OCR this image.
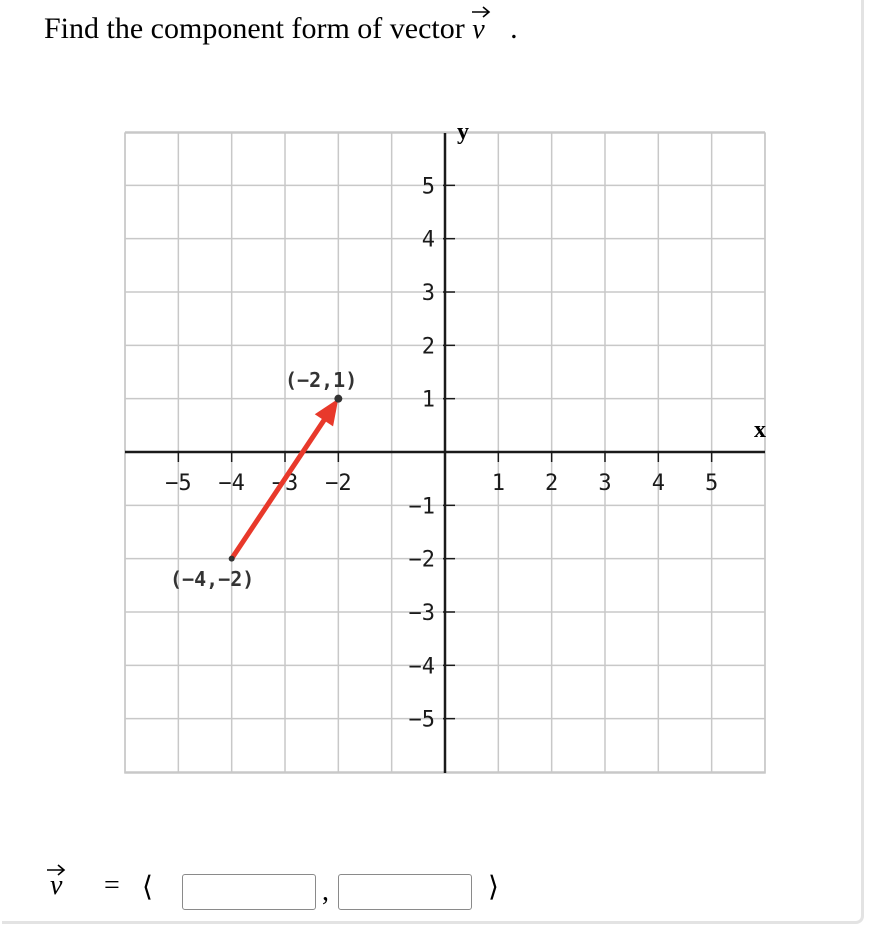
Find the component form of vector v .
−5 −4 −3 −2	1 2 3 4 5
5
4
3
2
1
−1
−2
−3
−4
−5
x
y
(−4,−2)
(−2,1)
v = ⟨	,	⟩
